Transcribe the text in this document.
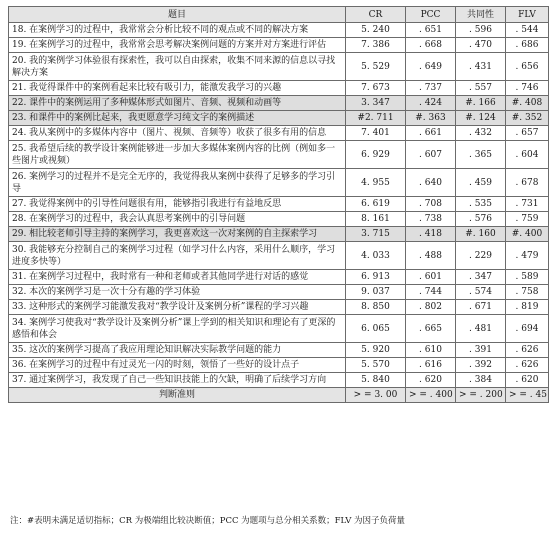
题目	CR	PCC	共同性	FLV
18. 在案例学习的过程中，我常常会分析比较不同的观点或不同的解决方案	5. 240	. 651	. 596	. 544
19. 在案例学习的过程中，我常常会思考解决案例问题的方案并对方案进行评估	7. 386	. 668	. 470	. 686
20. 我的案例学习体验很有探索性，我可以自由探索，收集不同来源的信息以寻找解决方案	5. 529	. 649	. 431	. 656
21. 我觉得课件中的案例看起来比较有吸引力，能激发我学习的兴趣	7. 673	. 737	. 557	. 746
22. 课件中的案例运用了多种媒体形式如图片、音频、视频和动画等	3. 347	. 424	#. 166	#. 408
23. 和课件中的案例比起来，我更愿意学习纯文字的案例描述	#2. 711	#. 363	#. 124	#. 352
24. 我从案例中的多媒体内容中（图片、视频、音频等）收获了很多有用的信息	7. 401	. 661	. 432	. 657
25. 我希望后续的教学设计案例能够进一步加大多媒体案例内容的比例（例如多一些图片或视频）	6. 929	. 607	. 365	. 604
26. 案例学习的过程并不是完全无序的，我觉得我从案例中获得了足够多的学习引导	4. 955	. 640	. 459	. 678
27. 我觉得案例中的引导性问题很有用，能够指引我进行有益地反思	6. 619	. 708	. 535	. 731
28. 在案例学习的过程中，我会认真思考案例中的引导问题	8. 161	. 738	. 576	. 759
29. 相比较老师引导主持的案例学习，我更喜欢这一次对案例的自主探索学习	3. 715	. 418	#. 160	#. 400
30. 我能够充分控制自己的案例学习过程（如学习什么内容，采用什么顺序，学习进度多快等）	4. 033	. 488	. 229	. 479
31. 在案例学习过程中，我时常有一种和老师或者其他同学进行对话的感觉	6. 913	. 601	. 347	. 589
32. 本次的案例学习是一次十分有趣的学习体验	9. 037	. 744	. 574	. 758
33. 这种形式的案例学习能激发我对“教学设计及案例分析”课程的学习兴趣	8. 850	. 802	. 671	. 819
34. 案例学习使我对“教学设计及案例分析”课上学到的相关知识和理论有了更深的感悟和体会	6. 065	. 665	. 481	. 694
35. 这次的案例学习提高了我应用理论知识解决实际教学问题的能力	5. 920	. 610	. 391	. 626
36. 在案例学习的过程中有过灵光一闪的时刻，领悟了一些好的设计点子	5. 570	. 616	. 392	. 626
37. 通过案例学习，我发现了自己一些知识技能上的欠缺，明确了后续学习方向	5. 840	. 620	. 384	. 620
判断准则	> = 3. 00	> = . 400	> = . 200	> = . 45
注：#表明未满足适切指标；CR 为极端组比较决断值；PCC 为题项与总分相关系数；FLV 为因子负荷量
